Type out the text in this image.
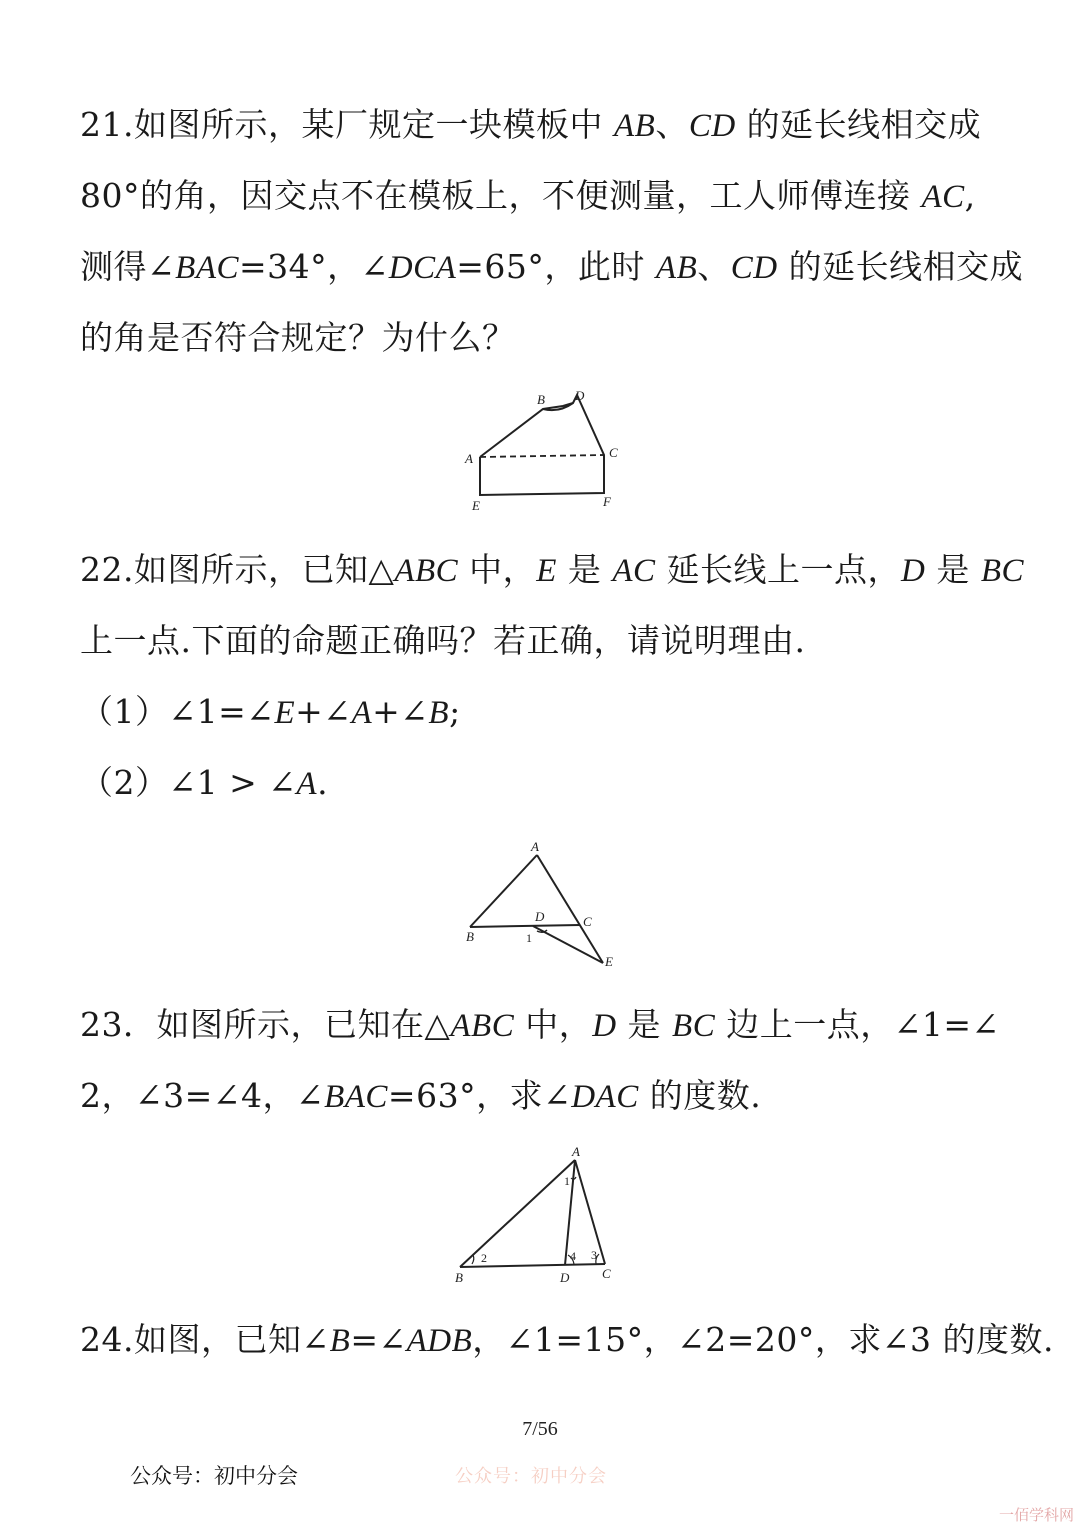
21.如图所示，某厂规定一块模板中 AB、CD 的延长线相交成
80°的角，因交点不在模板上，不便测量，工人师傅连接 AC,
测得∠BAC=34°，∠DCA=65°，此时 AB、CD 的延长线相交成
的角是否符合规定？为什么？
A
B D
C
E	F
22.如图所示，已知△ABC 中，E 是 AC 延长线上一点，D 是 BC
上一点.下面的命题正确吗？若正确，请说明理由.
（1）∠1=∠E+∠A+∠B;
（2）∠1 > ∠A.
A
B
D	C
E
1
23．如图所示，已知在△ABC 中，D 是 BC 边上一点，∠1=∠
2，∠3=∠4，∠BAC=63°，求∠DAC 的度数.
A
B	D	C
1
2	3
4
24.如图，已知∠B=∠ADB，∠1=15°，∠2=20°，求∠3 的度数.
7/56
公众号：初中分会	公众号：初中分会
一佰学科网
